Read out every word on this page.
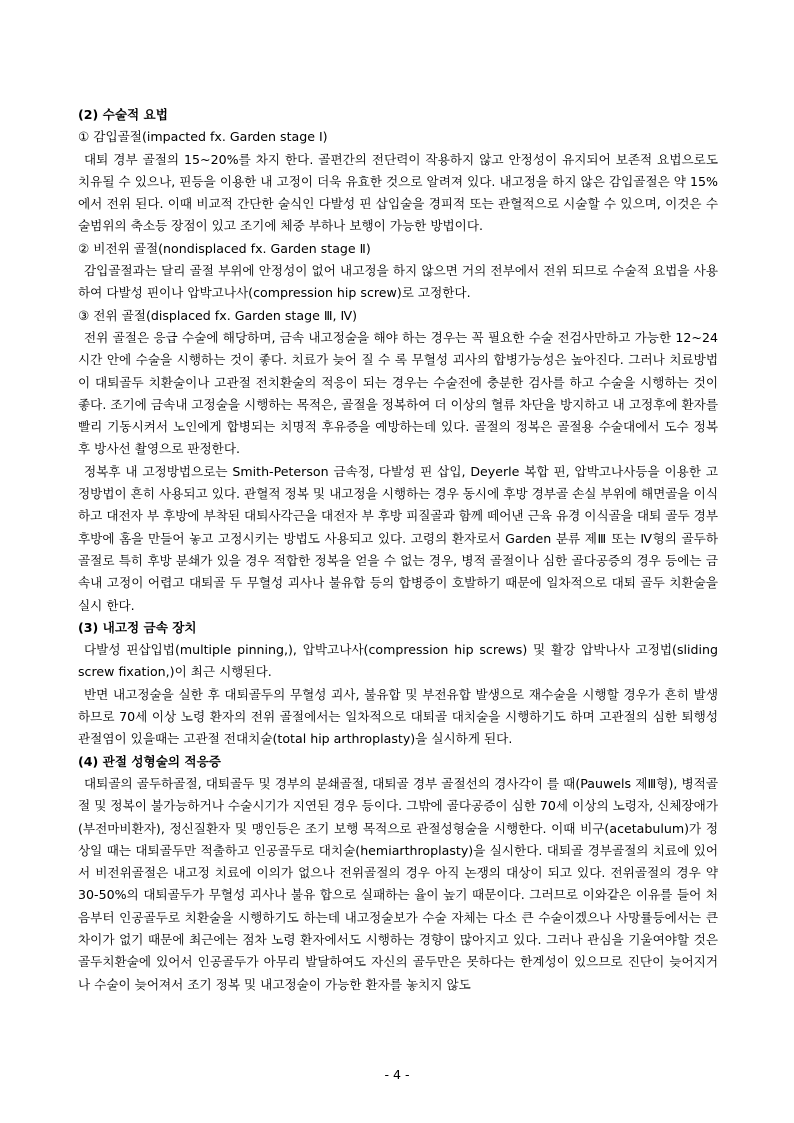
(2) 수술적 요법

① 감입골절(impacted fx. Garden stage Ⅰ)

대퇴 경부 골절의 15~20%를 차지 한다. 골편간의 전단력이 작용하지 않고 안정성이 유지되어 보존적 요법으로도 치유될 수 있으나, 핀등을 이용한 내 고정이 더욱 유효한 것으로 알려져 있다. 내고정을 하지 않은 감입골절은 약 15%에서 전위 된다. 이때 비교적 간단한 술식인 다발성 핀 삽입술을 경피적 또는 관혈적으로 시술할 수 있으며, 이것은 수술범위의 축소등 장점이 있고 조기에 체중 부하나 보행이 가능한 방법이다.

② 비전위 골절(nondisplaced fx. Garden stage Ⅱ)

감입골절과는 달리 골절 부위에 안정성이 없어 내고정을 하지 않으면 거의 전부에서 전위 되므로 수술적 요법을 사용하여 다발성 핀이나 압박고나사(compression hip screw)로 고정한다.

③ 전위 골절(displaced fx. Garden stage Ⅲ, Ⅳ)

전위 골절은 응급 수술에 해당하며, 금속 내고정술을 해야 하는 경우는 꼭 필요한 수술 전검사만하고 가능한 12~24시간 안에 수술을 시행하는 것이 좋다. 치료가 늦어 질 수 록 무혈성 괴사의 합병가능성은 높아진다. 그러나 치료방법이 대퇴골두 치환술이나 고관절 전치환술의 적응이 되는 경우는 수술전에 충분한 검사를 하고 수술을 시행하는 것이 좋다. 조기에 금속내 고정술을 시행하는 목적은, 골절을 정복하여 더 이상의 혈류 차단을 방지하고 내 고정후에 환자를 빨리 기동시켜서 노인에게 합병되는 치명적 후유증을 예방하는데 있다. 골절의 정복은 골절용 수술대에서 도수 정복 후 방사선 촬영으로 판정한다.

정복후 내 고정방법으로는 Smith-Peterson 금속정, 다발성 핀 삽입, Deyerle 복합 핀, 압박고나사등을 이용한 고정방법이 흔히 사용되고 있다. 관혈적 정복 및 내고정을 시행하는 경우 동시에 후방 경부골 손실 부위에 해면골을 이식하고 대전자 부 후방에 부착된 대퇴사각근을 대전자 부 후방 피질골과 함께 떼어낸 근육 유경 이식골을 대퇴 골두 경부 후방에 홈을 만들어 놓고 고정시키는 방법도 사용되고 있다. 고령의 환자로서 Garden 분류 제Ⅲ 또는 Ⅳ형의 골두하 골절로 특히 후방 분쇄가 있을 경우 적합한 정복을 얻을 수 없는 경우, 병적 골절이나 심한 골다공증의 경우 등에는 금속내 고정이 어렵고 대퇴골 두 무혈성 괴사나 불유합 등의 합병증이 호발하기 때문에 일차적으로 대퇴 골두 치환술을 실시 한다.

(3) 내고정 금속 장치

다발성 핀삽입법(multiple pinning,), 압박고나사(compression hip screws) 및 활강 압박나사 고정법(sliding screw fixation,)이 최근 시행된다.

반면 내고정술을 실한 후 대퇴골두의 무혈성 괴사, 불유합 및 부전유합 발생으로 재수술을 시행할 경우가 흔히 발생하므로 70세 이상 노령 환자의 전위 골절에서는 일차적으로 대퇴골 대치술을 시행하기도 하며 고관절의 심한 퇴행성 관절염이 있을때는 고관절 전대치술(total hip arthroplasty)을 실시하게 된다.

(4) 관절 성형술의 적응증

대퇴골의 골두하골절, 대퇴골두 및 경부의 분쇄골절, 대퇴골 경부 골절선의 경사각이 를 때(Pauwels 제Ⅲ형), 병적골절 및 정복이 불가능하거나 수술시기가 지연된 경우 등이다. 그밖에 골다공증이 심한 70세 이상의 노령자, 신체장애가(부전마비환자), 정신질환자 및 맹인등은 조기 보행 목적으로 관절성형술을 시행한다. 이때 비구(acetabulum)가 정상일 때는 대퇴골두만 적출하고 인공골두로 대치술(hemiarthroplasty)을 실시한다. 대퇴골 경부골절의 치료에 있어서 비전위골절은 내고정 치료에 이의가 없으나 전위골절의 경우 아직 논쟁의 대상이 되고 있다. 전위골절의 경우 약 30-50%의 대퇴골두가 무혈성 괴사나 불유 합으로 실패하는 율이 높기 때문이다. 그러므로 이와같은 이유를 들어 처음부터 인공골두로 치환술을 시행하기도 하는데 내고정술보가 수술 자체는 다소 큰 수술이겠으나 사망률등에서는 큰 차이가 없기 때문에 최근에는 점차 노령 환자에서도 시행하는 경향이 많아지고 있다. 그러나 관심을 기울여야할 것은 골두치환술에 있어서 인공골두가 아무리 발달하여도 자신의 골두만은 못하다는 한계성이 있으므로 진단이 늦어지거나 수술이 늦어져서 조기 정복 및 내고정술이 가능한 환자를 놓치지 않도

- 4 -
